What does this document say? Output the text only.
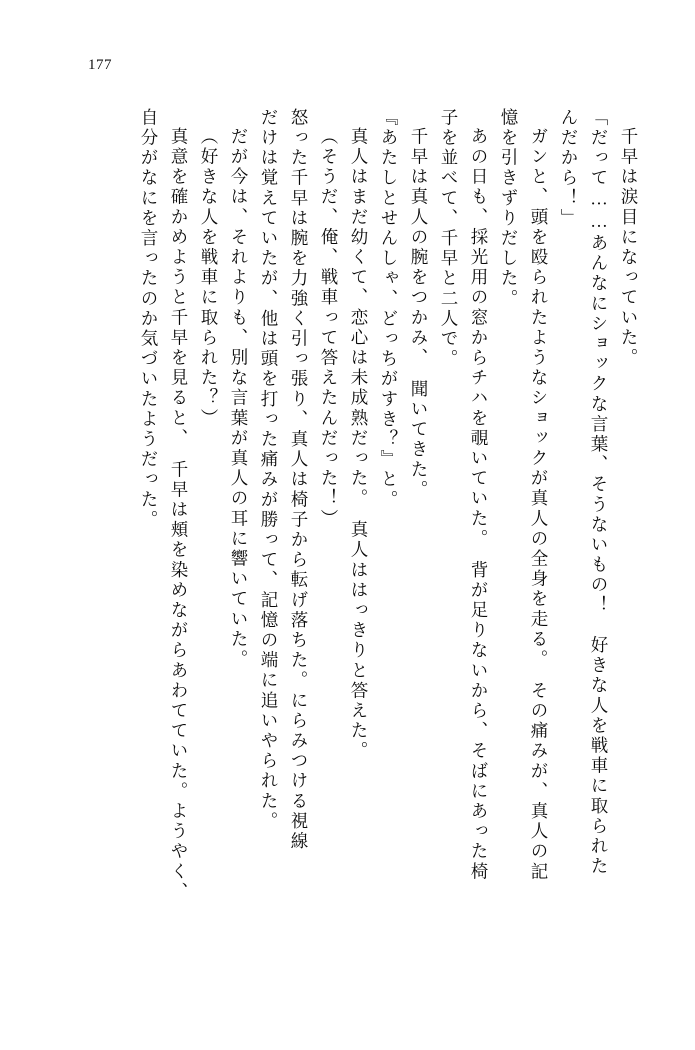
177
千早は涙目になっていた。
「だって……あんなにショックな言葉、そうないもの！　好きな人を戦車に取られた
んだから！」
ガンと、頭を殴られたようなショックが真人の全身を走る。　その痛みが、真人の記
憶を引きずりだした。
あの日も、採光用の窓からチハを覗いていた。　背が足りないから、そばにあった椅
子を並べて、千早と二人で。
千早は真人の腕をつかみ、　聞いてきた。
『あたしとせんしゃ、どっちがすき？』と。
真人はまだ幼くて、恋心は未成熟だった。　真人ははっきりと答えた。
（そうだ、俺、戦車って答えたんだった！）
怒った千早は腕を力強く引っ張り、真人は椅子から転げ落ちた。にらみつける視線
だけは覚えていたが、他は頭を打った痛みが勝って、記憶の端に追いやられた。
だが今は、それよりも、別な言葉が真人の耳に響いていた。
（好きな人を戦車に取られた？）
真意を確かめようと千早を見ると、　千早は頬を染めながらあわてていた。ようやく、
自分がなにを言ったのか気づいたようだった。
